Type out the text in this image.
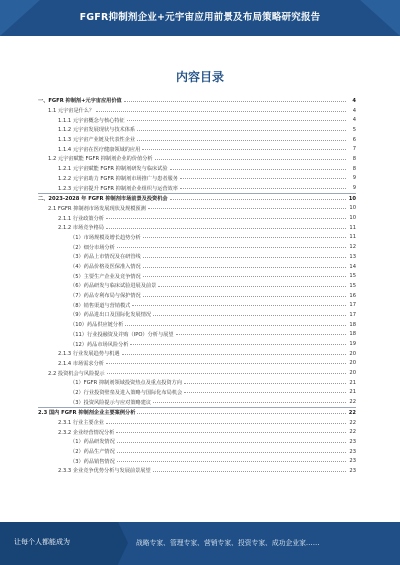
FGFR抑制剂企业+元宇宙应用前景及布局策略研究报告
内容目录
一、FGFR 抑制剂+元宇宙应用价值	4
1.1 元宇宙是什么？	4
1.1.1 元宇宙概念与核心特征	4
1.1.2 元宇宙发展现状与技术体系	5
1.1.3 元宇宙产业链及代表性企业	6
1.1.4 元宇宙在医疗健康领域的应用	7
1.2 元宇宙赋能 FGFR 抑制剂企业的价值分析	8
1.2.1 元宇宙赋能 FGFR 抑制剂研发与临床试验	8
1.2.2 元宇宙助力 FGFR 抑制剂市场推广与患者服务	9
1.2.3 元宇宙提升 FGFR 抑制剂企业组织与运营效率	9
二、2023-2028 年 FGFR 抑制剂市场前景及投资机会	10
2.1 FGFR 抑制剂市场发展现状及规模预测	10
2.1.1 行业政策分析	10
2.1.2 市场竞争格局	11
（1）市场规模及增长趋势分析	11
（2）细分市场分析	12
（3）药品上市情况及在研管线	13
（4）药品价格及医保准入情况	14
（5）主要生产企业及竞争情况	15
（6）药品研发与临床试验进展及前景	15
（7）药品专利布局与保护情况	16
（8）销售渠道与营销模式	17
（9）药品进出口及国际化发展情况	17
（10）药品供应链分析	18
（11）行业投融资及并购（IPO）分析与展望	18
（12）药品市场风险分析	19
2.1.3 行业发展趋势与机遇	20
2.1.4 市场需求分析	20
2.2 投资机会与风险提示	20
（1）FGFR 抑制剂领域投资热点及重点投资方向	21
（2）行业投资壁垒及进入策略与国际化布局机会	21
（3）投资风险提示与应对策略建议	22
2.3 国内 FGFR 抑制剂企业主要案例分析	22
2.3.1 行业主要企业	22
2.3.2 企业经营情况分析	22
（1）药品研发情况	23
（2）药品生产情况	23
（3）药品销售情况	23
2.3.3 企业竞争优势分析与发展前景展望	23
让每个人都能成为	战略专家、管理专家、营销专家、投资专家、成功企业家……
